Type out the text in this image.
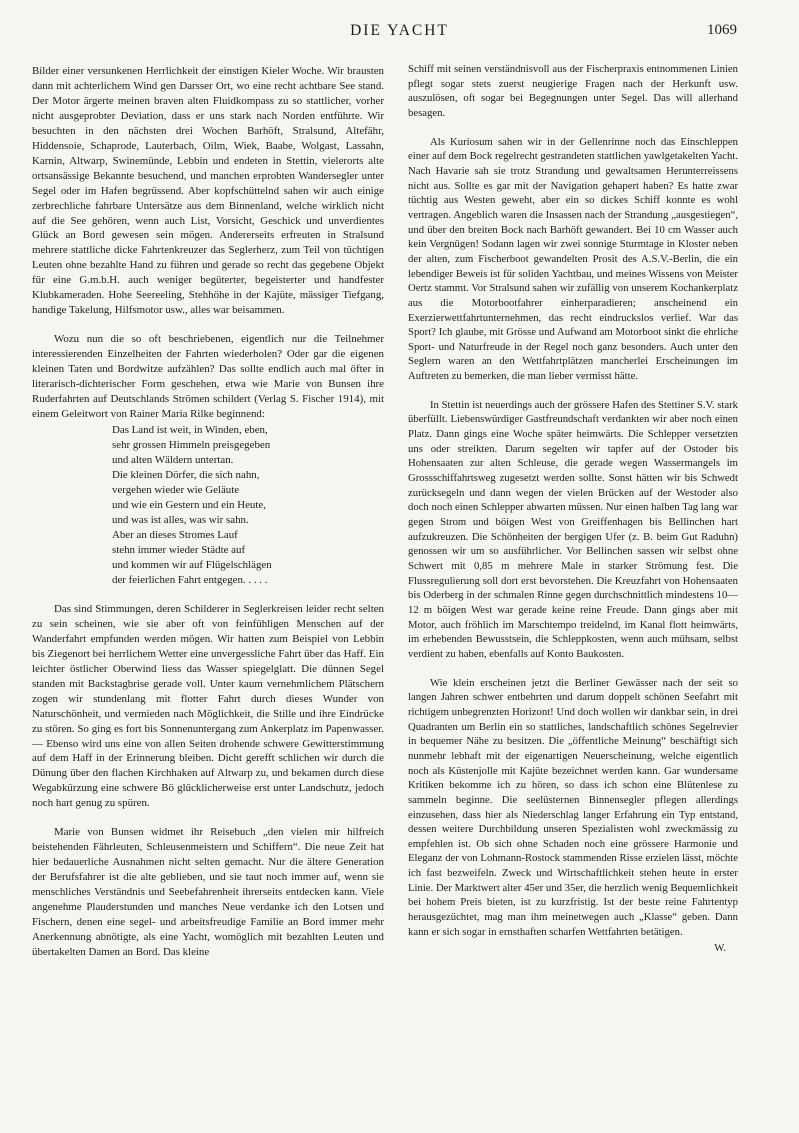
DIE YACHT	1069

Bilder einer versunkenen Herrlichkeit der einstigen Kieler Woche. Wir brausten dann mit achterlichem Wind gen Darsser Ort, wo eine recht achtbare See stand. Der Motor ärgerte meinen braven alten Fluidkompass zu so stattlicher, vorher nicht ausgeprobter Deviation, dass er uns stark nach Norden entführte. Wir besuchten in den nächsten drei Wochen Barhöft, Stralsund, Altefähr, Hiddensoie, Schaprode, Lauterbach, Oilm, Wiek, Baabe, Wolgast, Lassahn, Karnin, Altwarp, Swinemünde, Lebbin und endeten in Stettin, vielerorts alte ortsansässige Bekannte besuchend, und manchen erprobten Wandersegler unter Segel oder im Hafen begrüssend. Aber kopfschüttelnd sahen wir auch einige zerbrechliche fahrbare Untersätze aus dem Binnenland, welche wirklich nicht auf die See gehören, wenn auch List, Vorsicht, Geschick und unverdientes Glück an Bord gewesen sein mögen. Andererseits erfreuten in Stralsund mehrere stattliche dicke Fahrtenkreuzer das Seglerherz, zum Teil von tüchtigen Leuten ohne bezahlte Hand zu führen und gerade so recht das gegebene Objekt für eine G.m.b.H. auch weniger begüterter, begeisterter und handfester Klubkameraden. Hohe Seereeling, Stehhöhe in der Kajüte, mässiger Tiefgang, handige Takelung, Hilfsmotor usw., alles war beisammen.

Wozu nun die so oft beschriebenen, eigentlich nur die Teilnehmer interessierenden Einzelheiten der Fahrten wiederholen? Oder gar die eigenen kleinen Taten und Bordwitze aufzählen? Das sollte endlich auch mal öfter in literarisch-dichterischer Form geschehen, etwa wie Marie von Bunsen ihre Ruderfahrten auf Deutschlands Strömen schildert (Verlag S. Fischer 1914), mit einem Geleitwort von Rainer Maria Rilke beginnend:

Das Land ist weit, in Winden, eben,
sehr grossen Himmeln preisgegeben
und alten Wäldern untertan.
Die kleinen Dörfer, die sich nahn,
vergehen wieder wie Geläute
und wie ein Gestern und ein Heute,
und was ist alles, was wir sahn.
Aber an dieses Stromes Lauf
stehn immer wieder Städte auf
und kommen wir auf Flügelschlägen
der feierlichen Fahrt entgegen. . . . .

Das sind Stimmungen, deren Schilderer in Seglerkreisen leider recht selten zu sein scheinen, wie sie aber oft von feinfühligen Menschen auf der Wanderfahrt empfunden werden mögen. Wir hatten zum Beispiel von Lebbin bis Ziegenort bei herrlichem Wetter eine unvergessliche Fahrt über das Haff. Ein leichter östlicher Oberwind liess das Wasser spiegelglatt. Die dünnen Segel standen mit Backstagbrise gerade voll. Unter kaum vernehmlichem Plätschern zogen wir stundenlang mit flotter Fahrt durch dieses Wunder von Naturschönheit, und vermieden nach Möglichkeit, die Stille und ihre Eindrücke zu stören. So ging es fort bis Sonnenuntergang zum Ankerplatz im Papenwasser. — Ebenso wird uns eine von allen Seiten drohende schwere Gewitterstimmung auf dem Haff in der Erinnerung bleiben. Dicht gerefft schlichen wir durch die Dünung über den flachen Kirchhaken auf Altwarp zu, und bekamen durch diese Wegabkürzung eine schwere Bö glücklicherweise erst unter Landschutz, jedoch noch hart genug zu spüren.

Marie von Bunsen widmet ihr Reisebuch „den vielen mir hilfreich beistehenden Fährleuten, Schleusenmeistern und Schiffern“. Die neue Zeit hat hier bedauerliche Ausnahmen nicht selten gemacht. Nur die ältere Generation der Berufsfahrer ist die alte geblieben, und sie taut noch immer auf, wenn sie menschliches Verständnis und Seebefahrenheit ihrerseits entdecken kann. Viele angenehme Plauderstunden und manches Neue verdanke ich den Lotsen und Fischern, denen eine segel- und arbeitsfreudige Familie an Bord immer mehr Anerkennung abnötigte, als eine Yacht, womöglich mit bezahlten Leuten und übertakelten Damen an Bord. Das kleine

Schiff mit seinen verständnisvoll aus der Fischerpraxis entnommenen Linien pflegt sogar stets zuerst neugierige Fragen nach der Herkunft usw. auszulösen, oft sogar bei Begegnungen unter Segel. Das will allerhand besagen.

Als Kuriosum sahen wir in der Gellenrinne noch das Einschleppen einer auf dem Bock regelrecht gestrandeten stattlichen yawlgetakelten Yacht. Nach Havarie sah sie trotz Strandung und gewaltsamen Herunterreissens nicht aus. Sollte es gar mit der Navigation gehapert haben? Es hatte zwar tüchtig aus Westen geweht, aber ein so dickes Schiff konnte es wohl vertragen. Angeblich waren die Insassen nach der Strandung „ausgestiegen“, und über den breiten Bock nach Barhöft gewandert. Bei 10 cm Wasser auch kein Vergnügen! Sodann lagen wir zwei sonnige Sturmtage in Kloster neben der alten, zum Fischerboot gewandelten Prosit des A.S.V.-Berlin, die ein lebendiger Beweis ist für soliden Yachtbau, und meines Wissens von Meister Oertz stammt. Vor Stralsund sahen wir zufällig von unserem Kochankerplatz aus die Motorbootfahrer einherparadieren; anscheinend ein Exerzierwettfahrtunternehmen, das recht eindruckslos verlief. War das Sport? Ich glaube, mit Grösse und Aufwand am Motorboot sinkt die ehrliche Sport- und Naturfreude in der Regel noch ganz besonders. Auch unter den Seglern waren an den Wettfahrtplätzen mancherlei Erscheinungen im Auftreten zu bemerken, die man lieber vermisst hätte.

In Stettin ist neuerdings auch der grössere Hafen des Stettiner S.V. stark überfüllt. Liebenswürdiger Gastfreundschaft verdankten wir aber noch einen Platz. Dann gings eine Woche später heimwärts. Die Schlepper versetzten uns oder streikten. Darum segelten wir tapfer auf der Ostoder bis Hohensaaten zur alten Schleuse, die gerade wegen Wassermangels im Grossschiffahrtsweg zugesetzt werden sollte. Sonst hätten wir bis Schwedt zurücksegeln und dann wegen der vielen Brücken auf der Westoder also doch noch einen Schlepper abwarten müssen. Nur einen halben Tag lang war gegen Strom und böigen West von Greiffenhagen bis Bellinchen hart aufzukreuzen. Die Schönheiten der bergigen Ufer (z. B. beim Gut Raduhn) genossen wir um so ausführlicher. Vor Bellinchen sassen wir selbst ohne Schwert mit 0,85 m mehrere Male in starker Strömung fest. Die Flussregulierung soll dort erst bevorstehen. Die Kreuzfahrt von Hohensaaten bis Oderberg in der schmalen Rinne gegen durchschnittlich mindestens 10—12 m böigen West war gerade keine reine Freude. Dann gings aber mit Motor, auch fröhlich im Marschtempo treidelnd, im Kanal flott heimwärts, im erhebenden Bewusstsein, die Schleppkosten, wenn auch mühsam, selbst verdient zu haben, ebenfalls auf Konto Baukosten.

Wie klein erscheinen jetzt die Berliner Gewässer nach der seit so langen Jahren schwer entbehrten und darum doppelt schönen Seefahrt mit richtigem unbegrenzten Horizont! Und doch wollen wir dankbar sein, in drei Quadranten um Berlin ein so stattliches, landschaftlich schönes Segelrevier in bequemer Nähe zu besitzen. Die „öffentliche Meinung“ beschäftigt sich nunmehr lebhaft mit der eigenartigen Neuerscheinung, welche eigentlich noch als Küstenjolle mit Kajüte bezeichnet werden kann. Gar wundersame Kritiken bekomme ich zu hören, so dass ich schon eine Blütenlese zu sammeln beginne. Die seelüsternen Binnensegler pflegen allerdings einzusehen, dass hier als Niederschlag langer Erfahrung ein Typ entstand, dessen weitere Durchbildung unseren Spezialisten wohl zweckmässig zu empfehlen ist. Ob sich ohne Schaden noch eine grössere Harmonie und Eleganz der von Lohmann-Rostock stammenden Risse erzielen lässt, möchte ich fast bezweifeln. Zweck und Wirtschaftlichkeit stehen heute in erster Linie. Der Marktwert alter 45er und 35er, die herzlich wenig Bequemlichkeit bei hohem Preis bieten, ist zu kurzfristig. Ist der beste reine Fahrtentyp herausgezüchtet, mag man ihm meinetwegen auch „Klasse“ geben. Dann kann er sich sogar in ernsthaften scharfen Wettfahrten betätigen.

W.
